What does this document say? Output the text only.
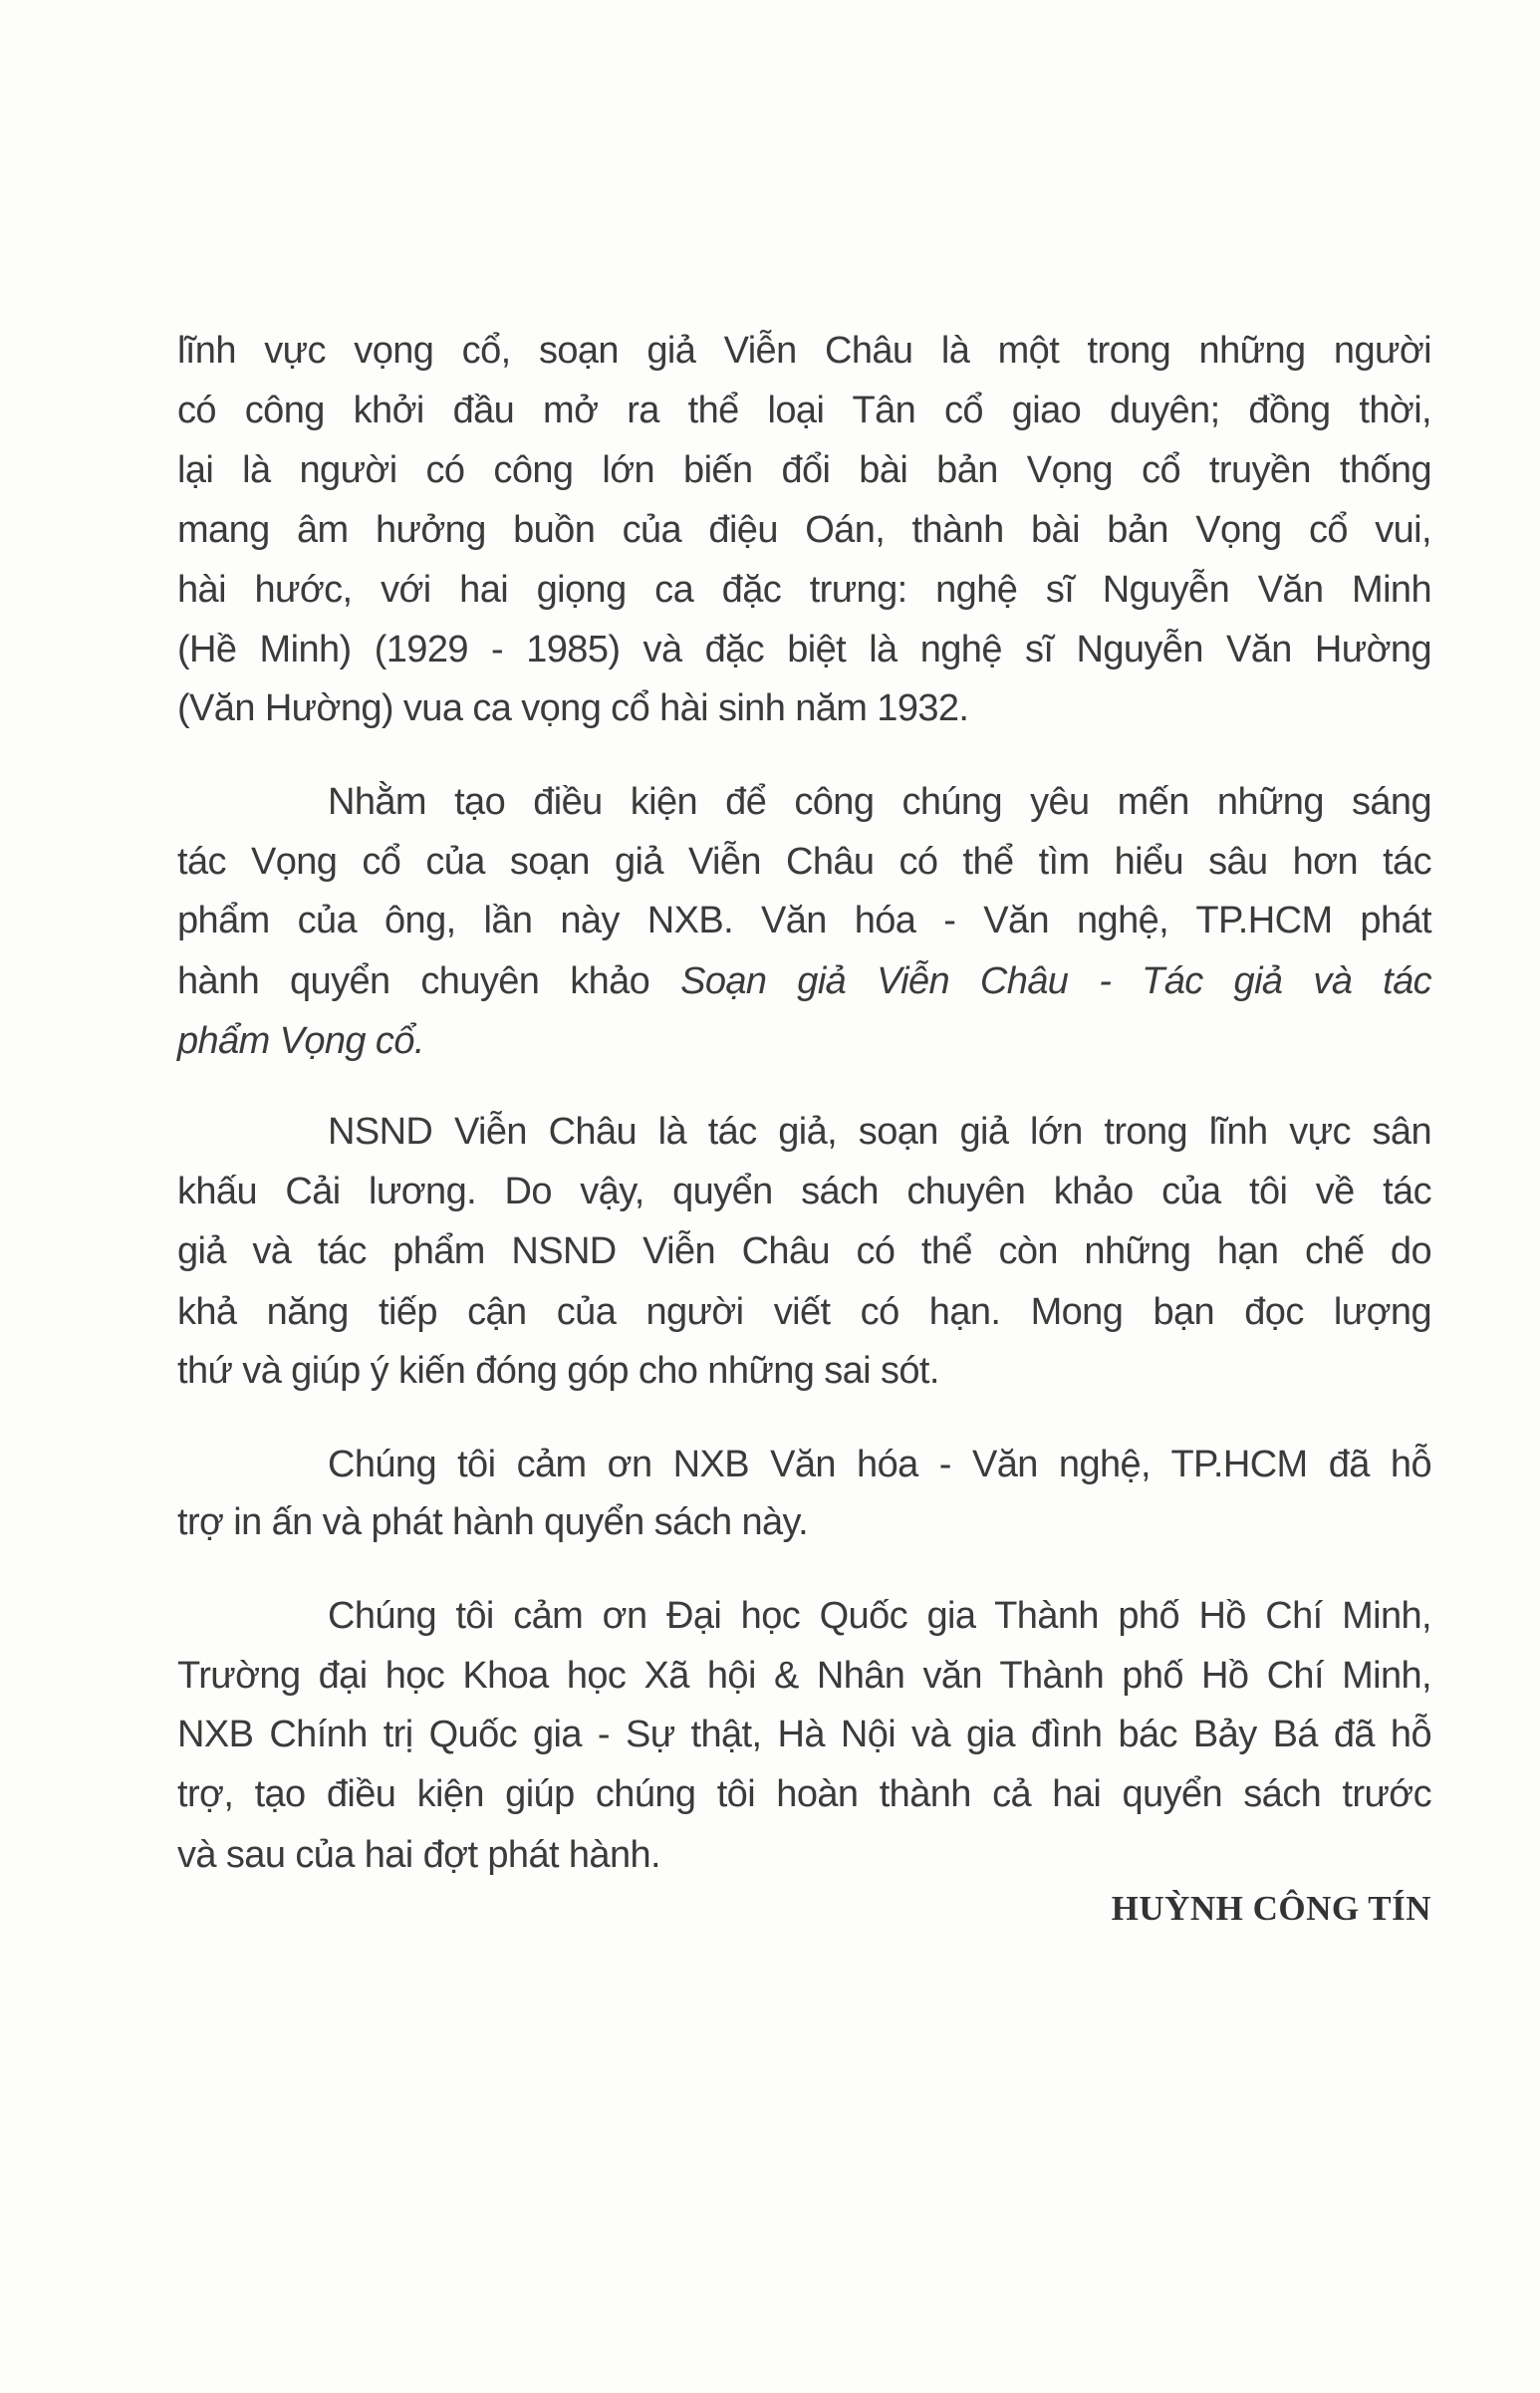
lĩnh vực vọng cổ, soạn giả Viễn Châu là một trong những người
có công khởi đầu mở ra thể loại Tân cổ giao duyên; đồng thời,
lại là người có công lớn biến đổi bài bản Vọng cổ truyền thống
mang âm hưởng buồn của điệu Oán, thành bài bản Vọng cổ vui,
hài hước, với hai giọng ca đặc trưng: nghệ sĩ Nguyễn Văn Minh
(Hề Minh) (1929 - 1985) và đặc biệt là nghệ sĩ Nguyễn Văn Hường
(Văn Hường) vua ca vọng cổ hài sinh năm 1932.
Nhằm tạo điều kiện để công chúng yêu mến những sáng
tác Vọng cổ của soạn giả Viễn Châu có thể tìm hiểu sâu hơn tác
phẩm của ông, lần này NXB. Văn hóa - Văn nghệ, TP.HCM phát
hành quyển chuyên khảo Soạn giả Viễn Châu - Tác giả và tác
phẩm Vọng cổ.
NSND Viễn Châu là tác giả, soạn giả lớn trong lĩnh vực sân
khấu Cải lương. Do vậy, quyển sách chuyên khảo của tôi về tác
giả và tác phẩm NSND Viễn Châu có thể còn những hạn chế do
khả năng tiếp cận của người viết có hạn. Mong bạn đọc lượng
thứ và giúp ý kiến đóng góp cho những sai sót.
Chúng tôi cảm ơn NXB Văn hóa - Văn nghệ, TP.HCM đã hỗ
trợ in ấn và phát hành quyển sách này.
Chúng tôi cảm ơn Đại học Quốc gia Thành phố Hồ Chí Minh,
Trường đại học Khoa học Xã hội & Nhân văn Thành phố Hồ Chí Minh,
NXB Chính trị Quốc gia - Sự thật, Hà Nội và gia đình bác Bảy Bá đã hỗ
trợ, tạo điều kiện giúp chúng tôi hoàn thành cả hai quyển sách trước
và sau của hai đợt phát hành.
HUỲNH CÔNG TÍN
